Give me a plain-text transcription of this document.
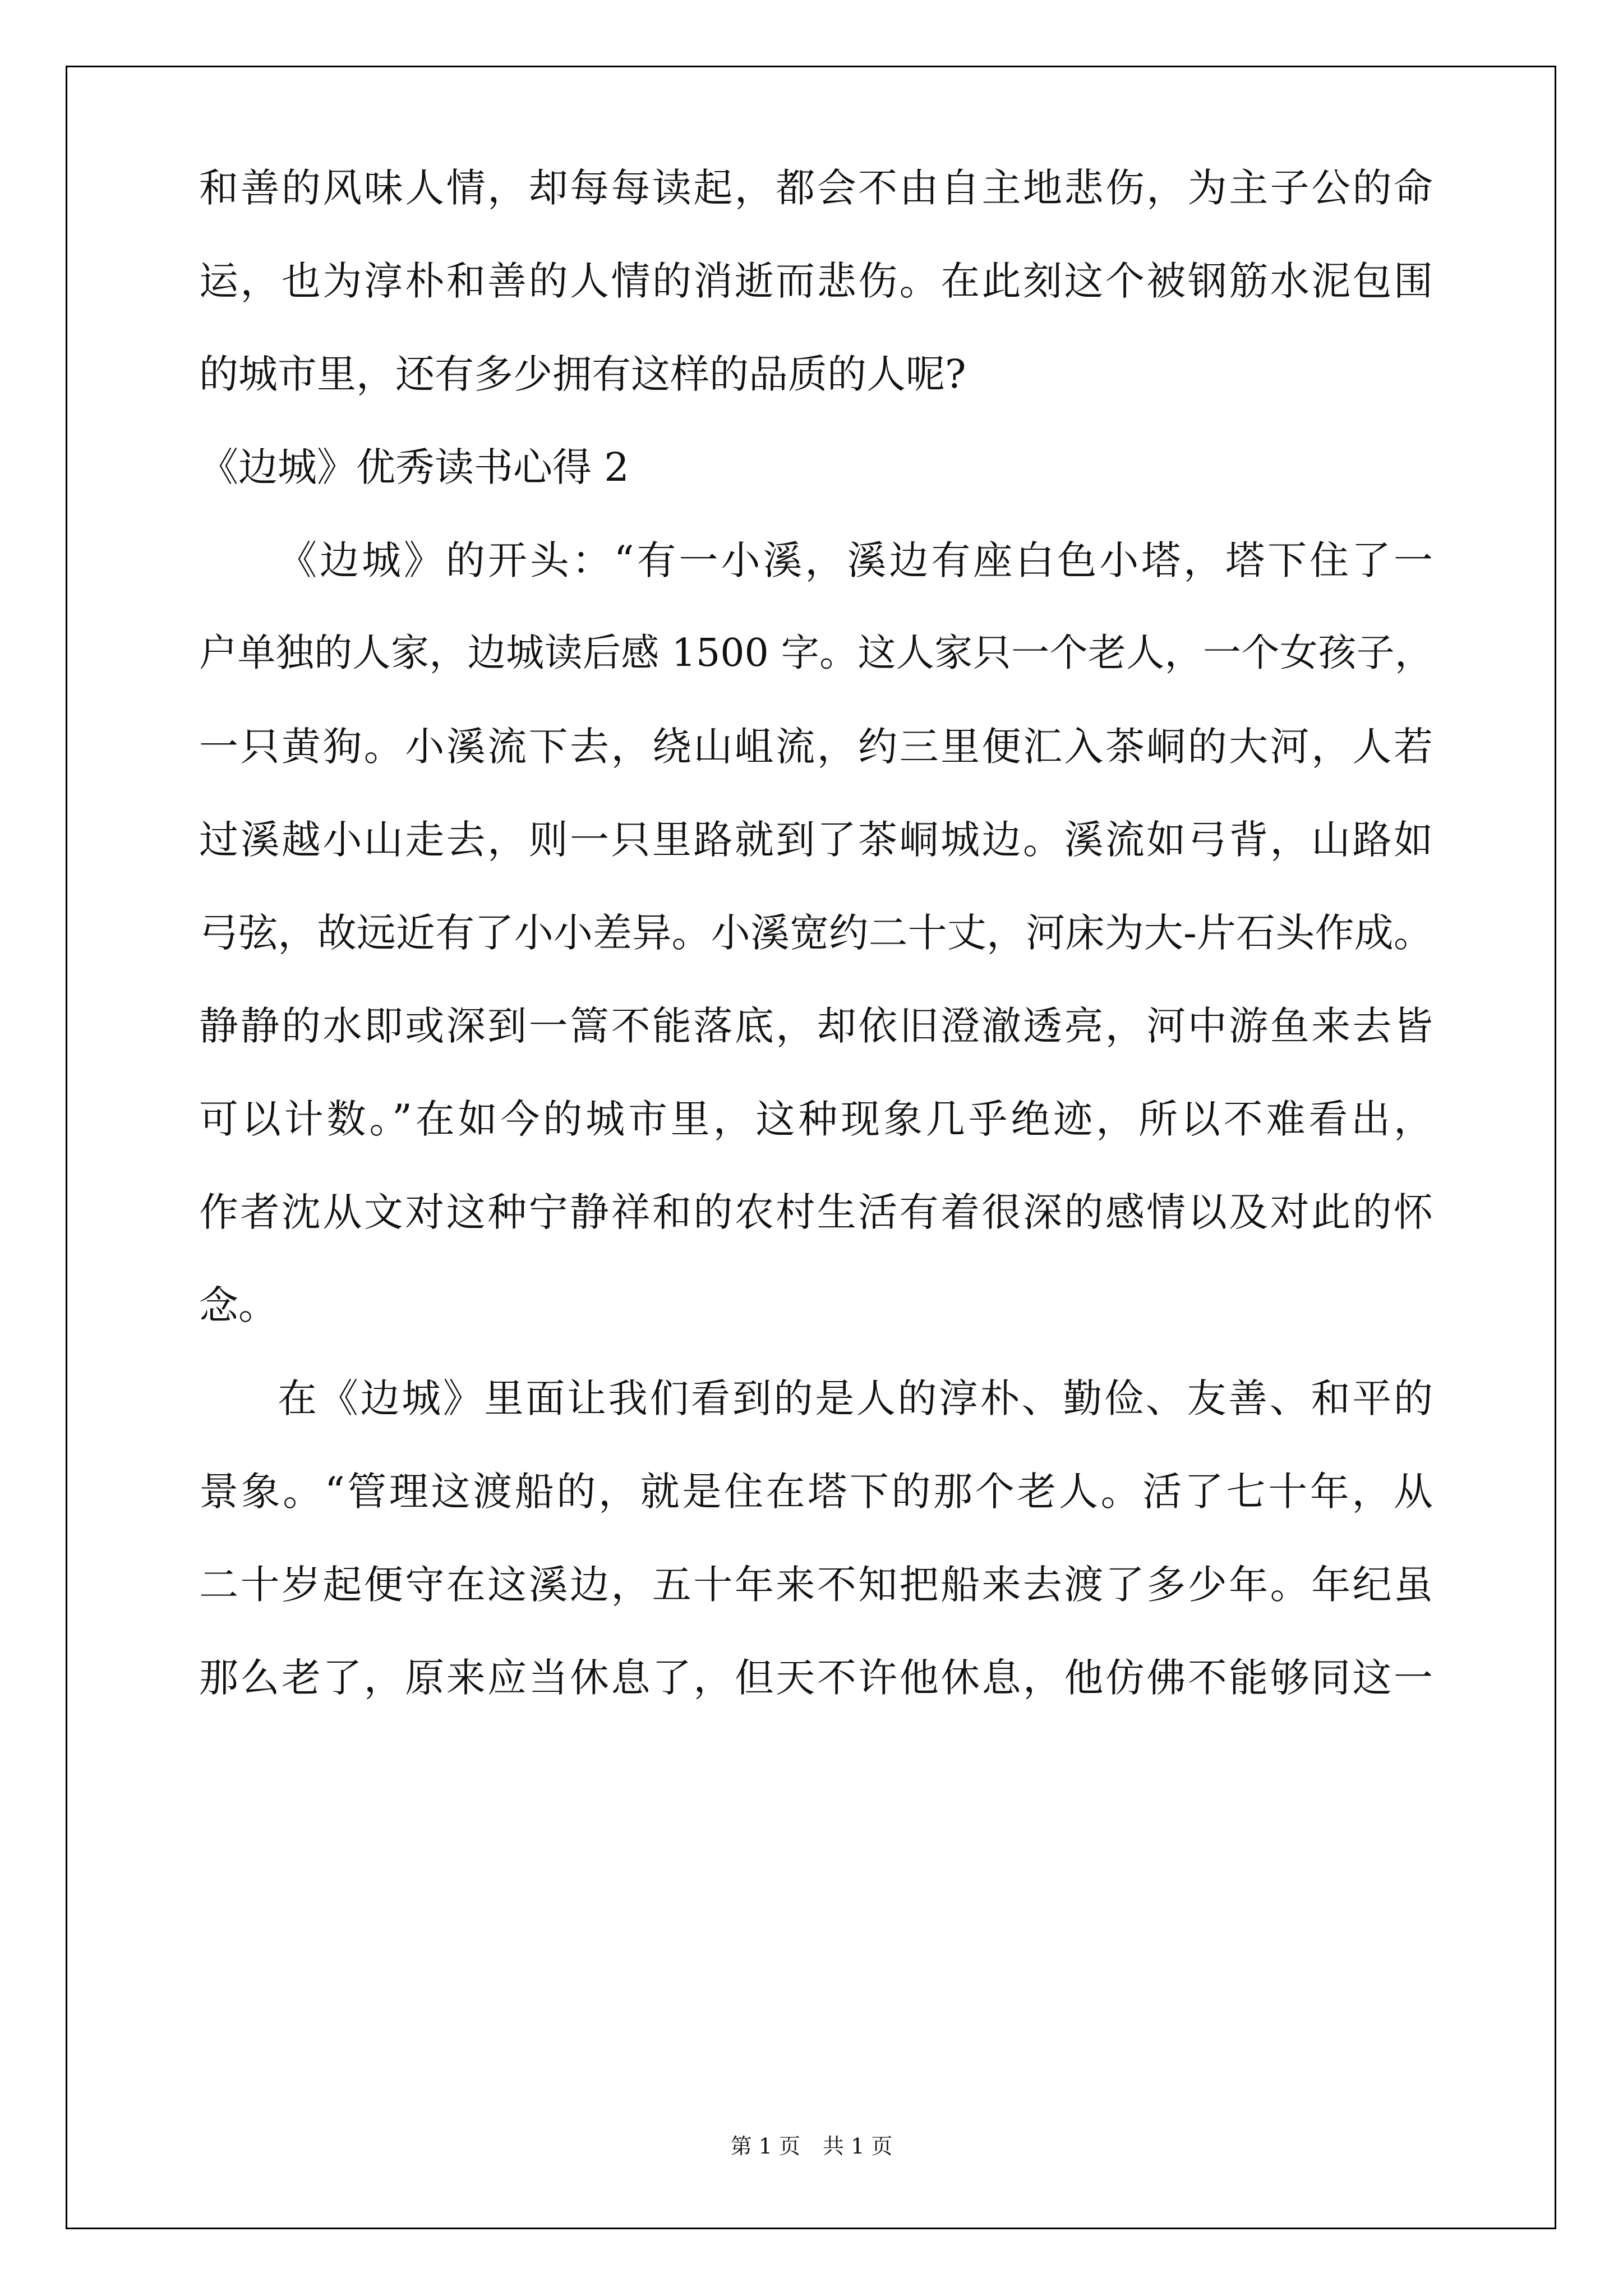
和善的风味人情，却每每读起，都会不由自主地悲伤，为主子公的命
运，也为淳朴和善的人情的消逝而悲伤。在此刻这个被钢筋水泥包围
的城市里，还有多少拥有这样的品质的人呢?
《边城》优秀读书心得 2
《边城》的开头：“有一小溪，溪边有座白色小塔，塔下住了一
户单独的人家，边城读后感 1500 字。这人家只一个老人，一个女孩子，
一只黄狗。小溪流下去，绕山岨流，约三里便汇入茶峒的大河，人若
过溪越小山走去，则一只里路就到了茶峒城边。溪流如弓背，山路如
弓弦，故远近有了小小差异。小溪宽约二十丈，河床为大-片石头作成。
静静的水即或深到一篙不能落底，却依旧澄澈透亮，河中游鱼来去皆
可以计数。”在如今的城市里，这种现象几乎绝迹，所以不难看出，
作者沈从文对这种宁静祥和的农村生活有着很深的感情以及对此的怀
念。
在《边城》里面让我们看到的是人的淳朴、勤俭、友善、和平的
景象。“管理这渡船的，就是住在塔下的那个老人。活了七十年，从
二十岁起便守在这溪边，五十年来不知把船来去渡了多少年。年纪虽
那么老了，原来应当休息了，但天不许他休息，他仿佛不能够同这一
第 1 页 共 1 页
